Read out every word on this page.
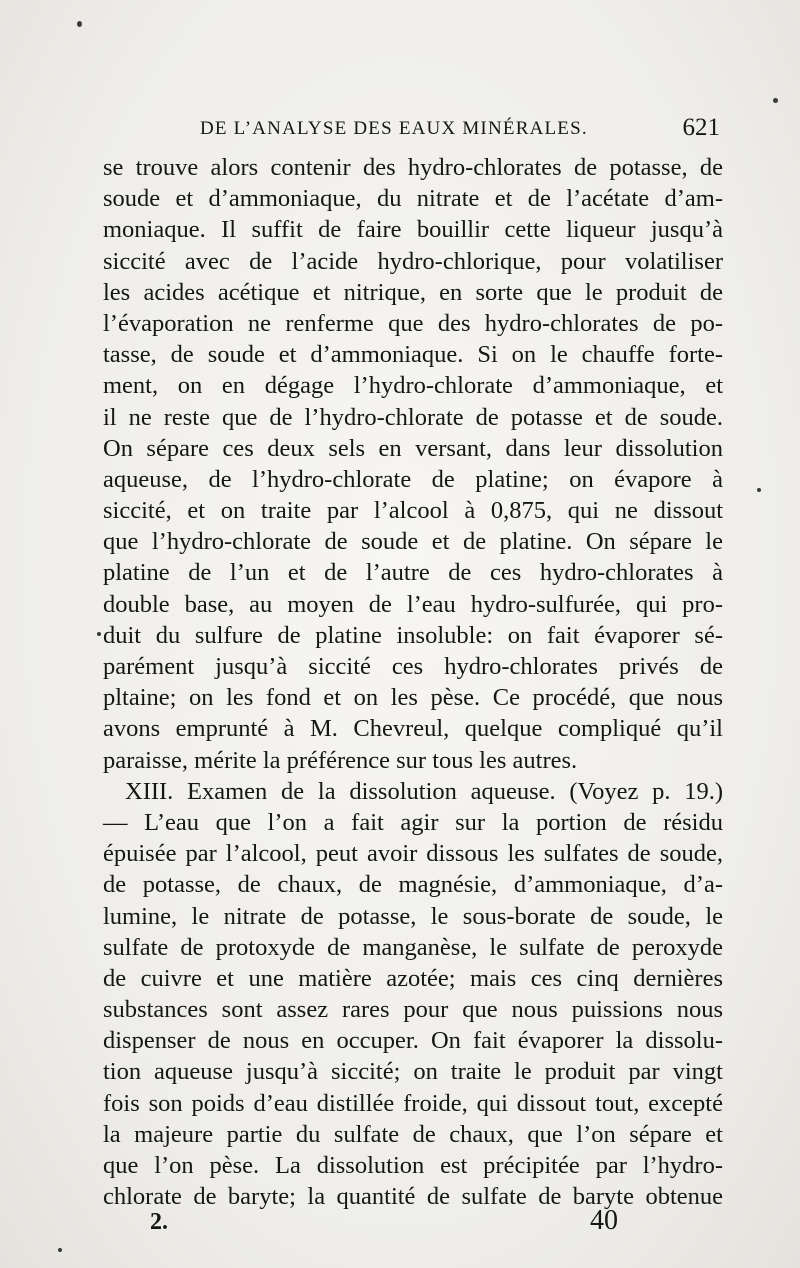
DE L’ANALYSE DES EAUX MINÉRALES.	621
se trouve alors contenir des hydro-chlorates de potasse, de
soude et d’ammoniaque, du nitrate et de l’acétate d’am-
moniaque. Il suffit de faire bouillir cette liqueur jusqu’à
siccité avec de l’acide hydro-chlorique, pour volatiliser
les acides acétique et nitrique, en sorte que le produit de
l’évaporation ne renferme que des hydro-chlorates de po-
tasse, de soude et d’ammoniaque. Si on le chauffe forte-
ment, on en dégage l’hydro-chlorate d’ammoniaque, et
il ne reste que de l’hydro-chlorate de potasse et de soude.
On sépare ces deux sels en versant, dans leur dissolution
aqueuse, de l’hydro-chlorate de platine; on évapore à
siccité, et on traite par l’alcool à 0,875, qui ne dissout
que l’hydro-chlorate de soude et de platine. On sépare le
platine de l’un et de l’autre de ces hydro-chlorates à
double base, au moyen de l’eau hydro-sulfurée, qui pro-
duit du sulfure de platine insoluble: on fait évaporer sé-
parément jusqu’à siccité ces hydro-chlorates privés de
pltaine; on les fond et on les pèse. Ce procédé, que nous
avons emprunté à M. Chevreul, quelque compliqué qu’il
paraisse, mérite la préférence sur tous les autres.
XIII. Examen de la dissolution aqueuse. (Voyez p. 19.)
— L’eau que l’on a fait agir sur la portion de résidu
épuisée par l’alcool, peut avoir dissous les sulfates de soude,
de potasse, de chaux, de magnésie, d’ammoniaque, d’a-
lumine, le nitrate de potasse, le sous-borate de soude, le
sulfate de protoxyde de manganèse, le sulfate de peroxyde
de cuivre et une matière azotée; mais ces cinq dernières
substances sont assez rares pour que nous puissions nous
dispenser de nous en occuper. On fait évaporer la dissolu-
tion aqueuse jusqu’à siccité; on traite le produit par vingt
fois son poids d’eau distillée froide, qui dissout tout, excepté
la majeure partie du sulfate de chaux, que l’on sépare et
que l’on pèse. La dissolution est précipitée par l’hydro-
chlorate de baryte; la quantité de sulfate de baryte obtenue
2.	40
